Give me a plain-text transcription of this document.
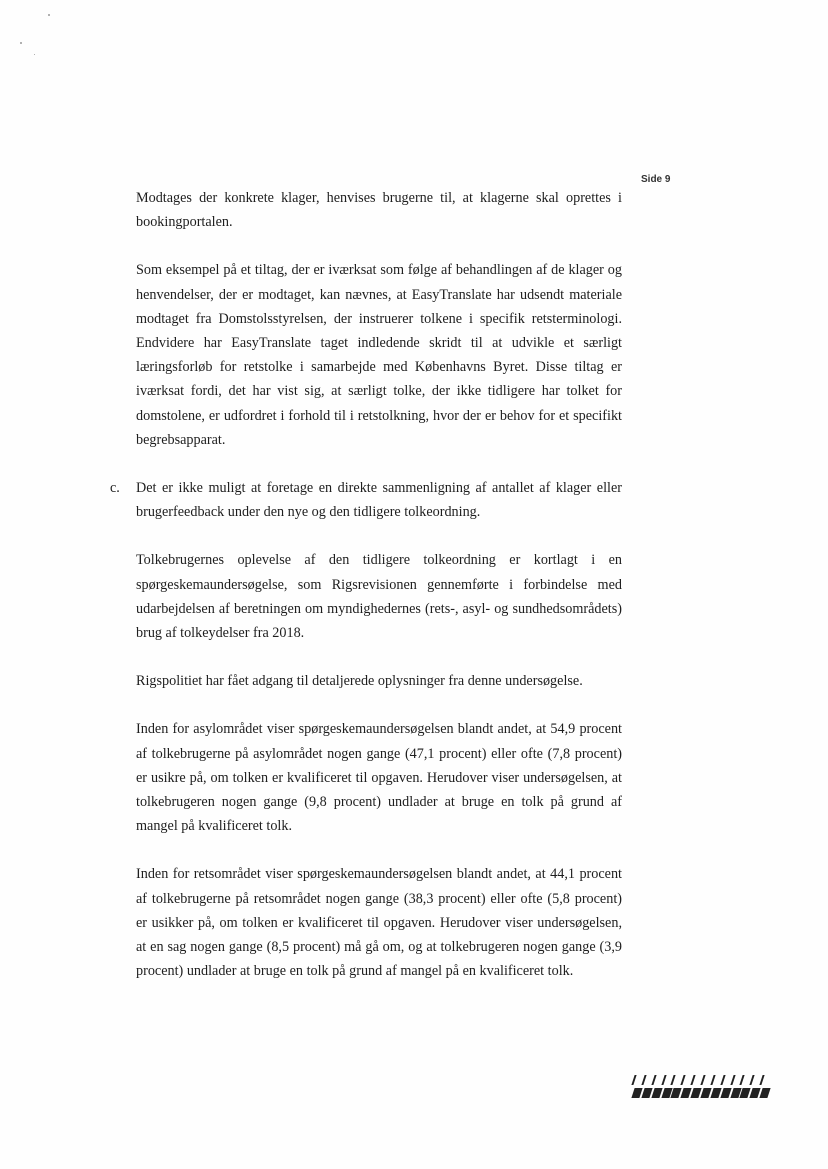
Side 9

Modtages der konkrete klager, henvises brugerne til, at klagerne skal oprettes i bookingportalen.

Som eksempel på et tiltag, der er iværksat som følge af behandlingen af de klager og henvendelser, der er modtaget, kan nævnes, at EasyTranslate har udsendt materiale modtaget fra Domstolsstyrelsen, der instruerer tolkene i specifik retsterminologi. Endvidere har EasyTranslate taget indledende skridt til at udvikle et særligt læringsforløb for retstolke i samarbejde med Københavns Byret. Disse tiltag er iværksat fordi, det har vist sig, at særligt tolke, der ikke tidligere har tolket for domstolene, er udfordret i forhold til i retstolkning, hvor der er behov for et specifikt begrebsapparat.

c. Det er ikke muligt at foretage en direkte sammenligning af antallet af klager eller brugerfeedback under den nye og den tidligere tolkeordning.

Tolkebrugernes oplevelse af den tidligere tolkeordning er kortlagt i en spørgeskemaundersøgelse, som Rigsrevisionen gennemførte i forbindelse med udarbejdelsen af beretningen om myndighedernes (rets-, asyl- og sundhedsområdets) brug af tolkeydelser fra 2018.

Rigspolitiet har fået adgang til detaljerede oplysninger fra denne undersøgelse.

Inden for asylområdet viser spørgeskemaundersøgelsen blandt andet, at 54,9 procent af tolkebrugerne på asylområdet nogen gange (47,1 procent) eller ofte (7,8 procent) er usikre på, om tolken er kvalificeret til opgaven. Herudover viser undersøgelsen, at tolkebrugeren nogen gange (9,8 procent) undlader at bruge en tolk på grund af mangel på kvalificeret tolk.

Inden for retsområdet viser spørgeskemaundersøgelsen blandt andet, at 44,1 procent af tolkebrugerne på retsområdet nogen gange (38,3 procent) eller ofte (5,8 procent) er usikker på, om tolken er kvalificeret til opgaven. Herudover viser undersøgelsen, at en sag nogen gange (8,5 procent) må gå om, og at tolkebrugeren nogen gange (3,9 procent) undlader at bruge en tolk på grund af mangel på en kvalificeret tolk.
